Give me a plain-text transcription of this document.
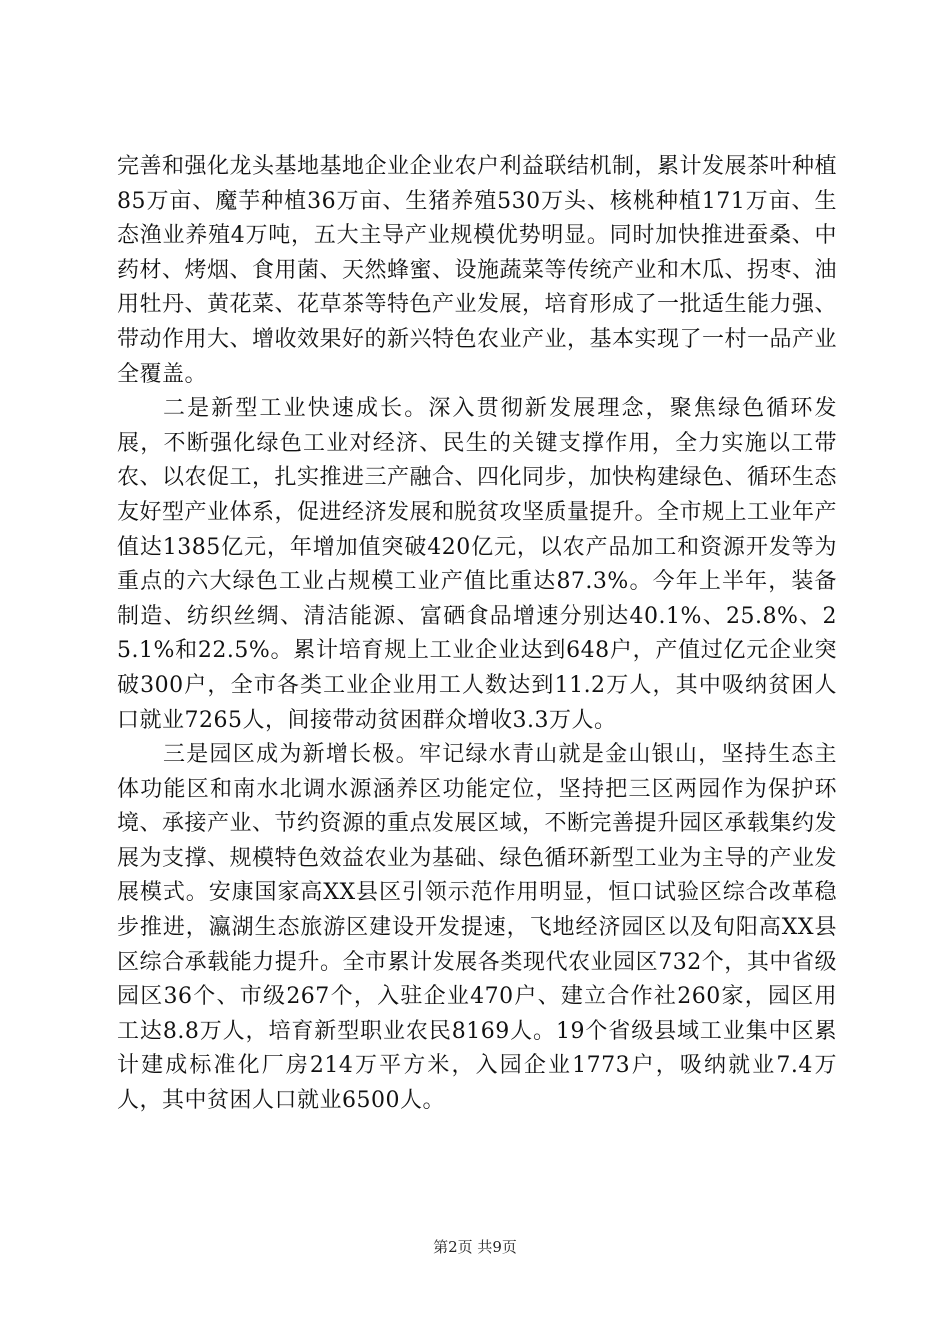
完善和强化龙头基地基地企业企业农户利益联结机制，累计发展茶叶种植85万亩、魔芋种植36万亩、生猪养殖530万头、核桃种植171万亩、生态渔业养殖4万吨，五大主导产业规模优势明显。同时加快推进蚕桑、中药材、烤烟、食用菌、天然蜂蜜、设施蔬菜等传统产业和木瓜、拐枣、油用牡丹、黄花菜、花草茶等特色产业发展，培育形成了一批适生能力强、带动作用大、增收效果好的新兴特色农业产业，基本实现了一村一品产业全覆盖。

二是新型工业快速成长。深入贯彻新发展理念，聚焦绿色循环发展，不断强化绿色工业对经济、民生的关键支撑作用，全力实施以工带农、以农促工，扎实推进三产融合、四化同步，加快构建绿色、循环生态友好型产业体系，促进经济发展和脱贫攻坚质量提升。全市规上工业年产值达1385亿元，年增加值突破420亿元，以农产品加工和资源开发等为重点的六大绿色工业占规模工业产值比重达87.3%。今年上半年，装备制造、纺织丝绸、清洁能源、富硒食品增速分别达40.1%、25.8%、25.1%和22.5%。累计培育规上工业企业达到648户，产值过亿元企业突破300户，全市各类工业企业用工人数达到11.2万人，其中吸纳贫困人口就业7265人，间接带动贫困群众增收3.3万人。

三是园区成为新增长极。牢记绿水青山就是金山银山，坚持生态主体功能区和南水北调水源涵养区功能定位，坚持把三区两园作为保护环境、承接产业、节约资源的重点发展区域，不断完善提升园区承载集约发展为支撑、规模特色效益农业为基础、绿色循环新型工业为主导的产业发展模式。安康国家高XX县区引领示范作用明显，恒口试验区综合改革稳步推进，瀛湖生态旅游区建设开发提速，飞地经济园区以及旬阳高XX县区综合承载能力提升。全市累计发展各类现代农业园区732个，其中省级园区36个、市级267个，入驻企业470户、建立合作社260家，园区用工达8.8万人，培育新型职业农民8169人。19个省级县域工业集中区累计建成标准化厂房214万平方米，入园企业1773户，吸纳就业7.4万人，其中贫困人口就业6500人。

第2页 共9页
